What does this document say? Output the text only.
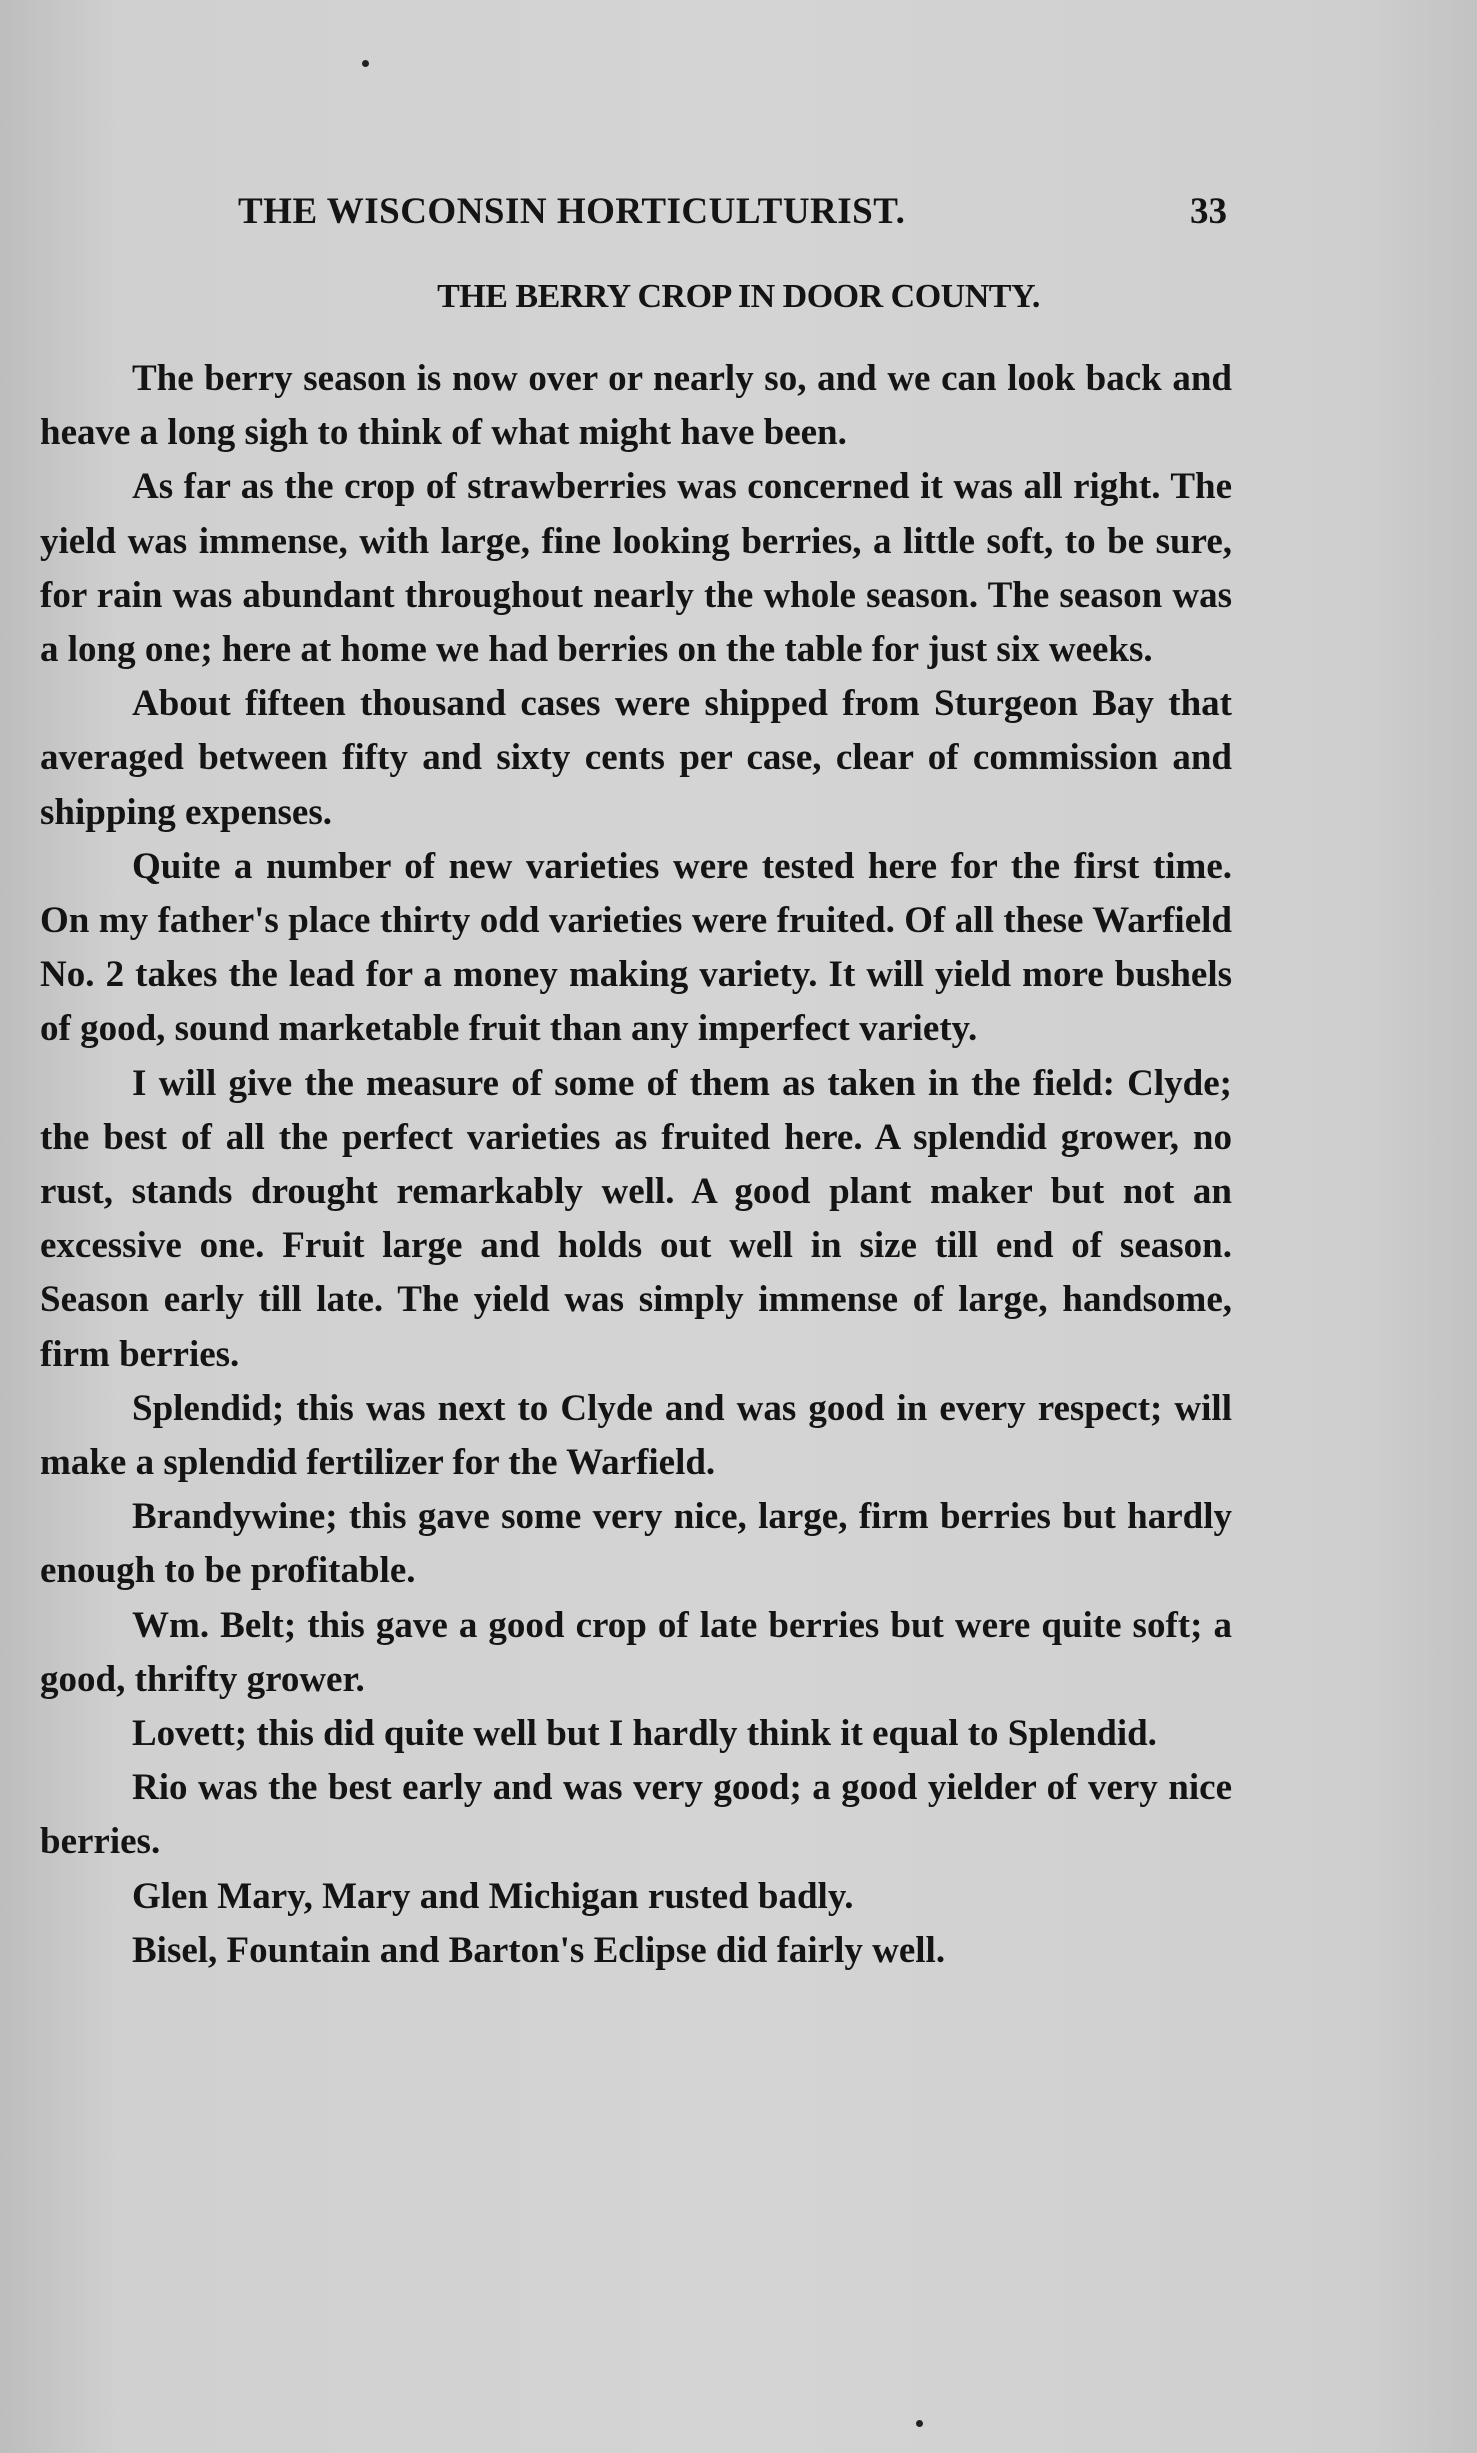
THE WISCONSIN HORTICULTURIST.	33
THE BERRY CROP IN DOOR COUNTY.

The berry season is now over or nearly so, and we can look back and heave a long sigh to think of what might have been.

As far as the crop of strawberries was concerned it was all right. The yield was immense, with large, fine looking berries, a little soft, to be sure, for rain was abundant throughout nearly the whole season. The season was a long one; here at home we had berries on the table for just six weeks.

About fifteen thousand cases were shipped from Sturgeon Bay that averaged between fifty and sixty cents per case, clear of commission and shipping expenses.

Quite a number of new varieties were tested here for the first time. On my father's place thirty odd varieties were fruited. Of all these Warfield No. 2 takes the lead for a money making variety. It will yield more bushels of good, sound marketable fruit than any imperfect variety.

I will give the measure of some of them as taken in the field: Clyde; the best of all the perfect varieties as fruited here. A splendid grower, no rust, stands drought remarkably well. A good plant maker but not an excessive one. Fruit large and holds out well in size till end of season. Season early till late. The yield was simply immense of large, handsome, firm berries.

Splendid; this was next to Clyde and was good in every respect; will make a splendid fertilizer for the Warfield.

Brandywine; this gave some very nice, large, firm berries but hardly enough to be profitable.

Wm. Belt; this gave a good crop of late berries but were quite soft; a good, thrifty grower.

Lovett; this did quite well but I hardly think it equal to Splendid.

Rio was the best early and was very good; a good yielder of very nice berries.

Glen Mary, Mary and Michigan rusted badly.

Bisel, Fountain and Barton's Eclipse did fairly well.
